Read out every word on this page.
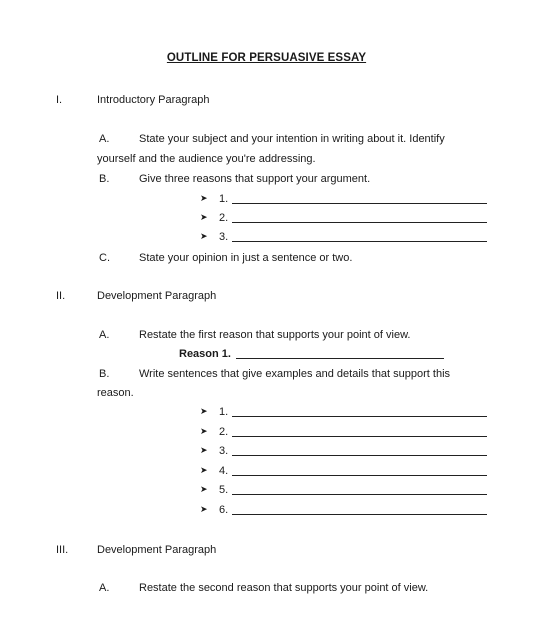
OUTLINE FOR PERSUASIVE ESSAY
I.	Introductory Paragraph
A.	State your subject and your intention in writing about it. Identify
yourself and the audience you're addressing.
B.	Give three reasons that support your argument.
➤ 1.
➤ 2.
➤ 3.
C.	State your opinion in just a sentence or two.
II.	Development Paragraph
A.	Restate the first reason that supports your point of view.
Reason 1.
B.	Write sentences that give examples and details that support this
reason.
➤ 1.
➤ 2.
➤ 3.
➤ 4.
➤ 5.
➤ 6.
III.	Development Paragraph
A.	Restate the second reason that supports your point of view.
